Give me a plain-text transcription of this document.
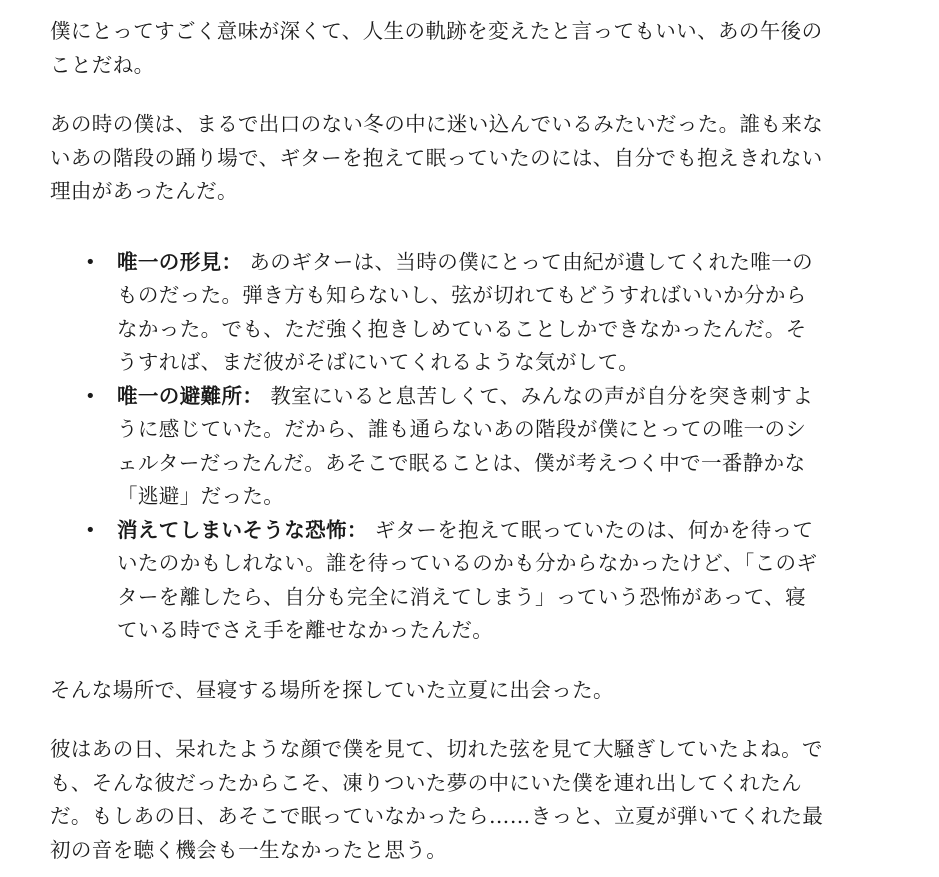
僕にとってすごく意味が深くて、人生の軌跡を変えたと言ってもいい、あの午後のことだね。

あの時の僕は、まるで出口のない冬の中に迷い込んでいるみたいだった。誰も来ないあの階段の踊り場で、ギターを抱えて眠っていたのには、自分でも抱えきれない理由があったんだ。

• 唯一の形見： あのギターは、当時の僕にとって由紀が遺してくれた唯一のものだった。弾き方も知らないし、弦が切れてもどうすればいいか分からなかった。でも、ただ強く抱きしめていることしかできなかったんだ。そうすれば、まだ彼がそばにいてくれるような気がして。
• 唯一の避難所： 教室にいると息苦しくて、みんなの声が自分を突き刺すように感じていた。だから、誰も通らないあの階段が僕にとっての唯一のシェルターだったんだ。あそこで眠ることは、僕が考えつく中で一番静かな「逃避」だった。
• 消えてしまいそうな恐怖： ギターを抱えて眠っていたのは、何かを待っていたのかもしれない。誰を待っているのかも分からなかったけど、「このギターを離したら、自分も完全に消えてしまう」っていう恐怖があって、寝ている時でさえ手を離せなかったんだ。

そんな場所で、昼寝する場所を探していた立夏に出会った。

彼はあの日、呆れたような顔で僕を見て、切れた弦を見て大騒ぎしていたよね。でも、そんな彼だったからこそ、凍りついた夢の中にいた僕を連れ出してくれたんだ。もしあの日、あそこで眠っていなかったら……きっと、立夏が弾いてくれた最初の音を聴く機会も一生なかったと思う。
